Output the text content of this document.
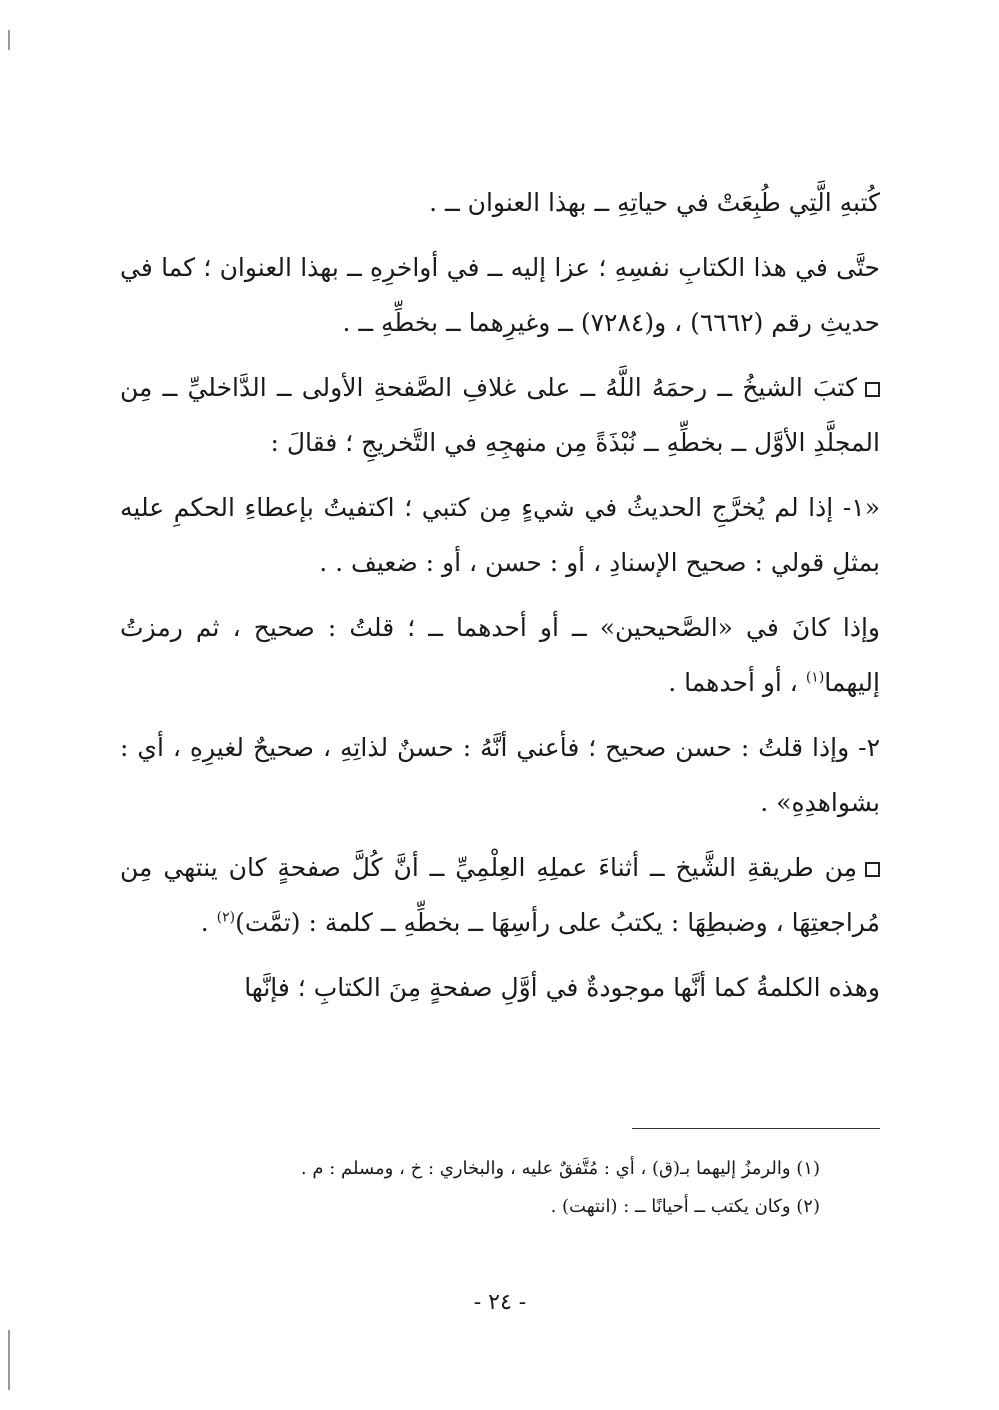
كُتبهِ الَّتِي طُبِعَتْ في حياتِهِ ــ بهذا العنوان ــ .

حتَّى في هذا الكتابِ نفسِهِ ؛ عزا إليه ــ في أواخرِهِ ــ بهذا العنوان ؛ كما في حديثِ رقم (٦٦٦٢) ، و(٧٢٨٤) ــ وغيرِهما ــ بخطِّهِ ــ .

كتبَ الشيخُ ــ رحمَهُ اللَّهُ ــ على غلافِ الصَّفحةِ الأولى ــ الدَّاخليِّ ــ مِن المجلَّدِ الأوَّل ــ بخطِّهِ ــ نُبْذَةً مِن منهجِهِ في التَّخريجِ ؛ فقالَ :

«١- إذا لم يُخرَّجِ الحديثُ في شيءٍ مِن كتبي ؛ اكتفيتُ بإعطاءِ الحكمِ عليه بمثلِ قولي : صحيح الإسنادِ ، أو : حسن ، أو : ضعيف . .

وإذا كانَ في «الصَّحيحين» ــ أو أحدهما ــ ؛ قلتُ : صحيح ، ثم رمزتُ إليهما$^{(١)}$ ، أو أحدهما .

٢- وإذا قلتُ : حسن صحيح ؛ فأعني أنَّهُ : حسنٌ لذاتِهِ ، صحيحٌ لغيرِهِ ، أي : بشواهدِهِ» .

مِن طريقةِ الشَّيخ ــ أثناءَ عملِهِ العِلْمِيِّ ــ أنَّ كُلَّ صفحةٍ كان ينتهي مِن مُراجعتِهَا ، وضبطِهَا : يكتبُ على رأسِهَا ــ بخطِّهِ ــ كلمة : (تمَّت)$^{(٢)}$ .

وهذه الكلمةُ كما أنَّها موجودةٌ في أوَّلِ صفحةٍ مِنَ الكتابِ ؛ فإنَّها

(١) والرمزُ إليهما بـ(ق) ، أي : مُتَّفقٌ عليه ، والبخاري : خ ، ومسلم : م .

(٢) وكان يكتب ــ أحيانًا ــ : (انتهت) .

- ٢٤ -
